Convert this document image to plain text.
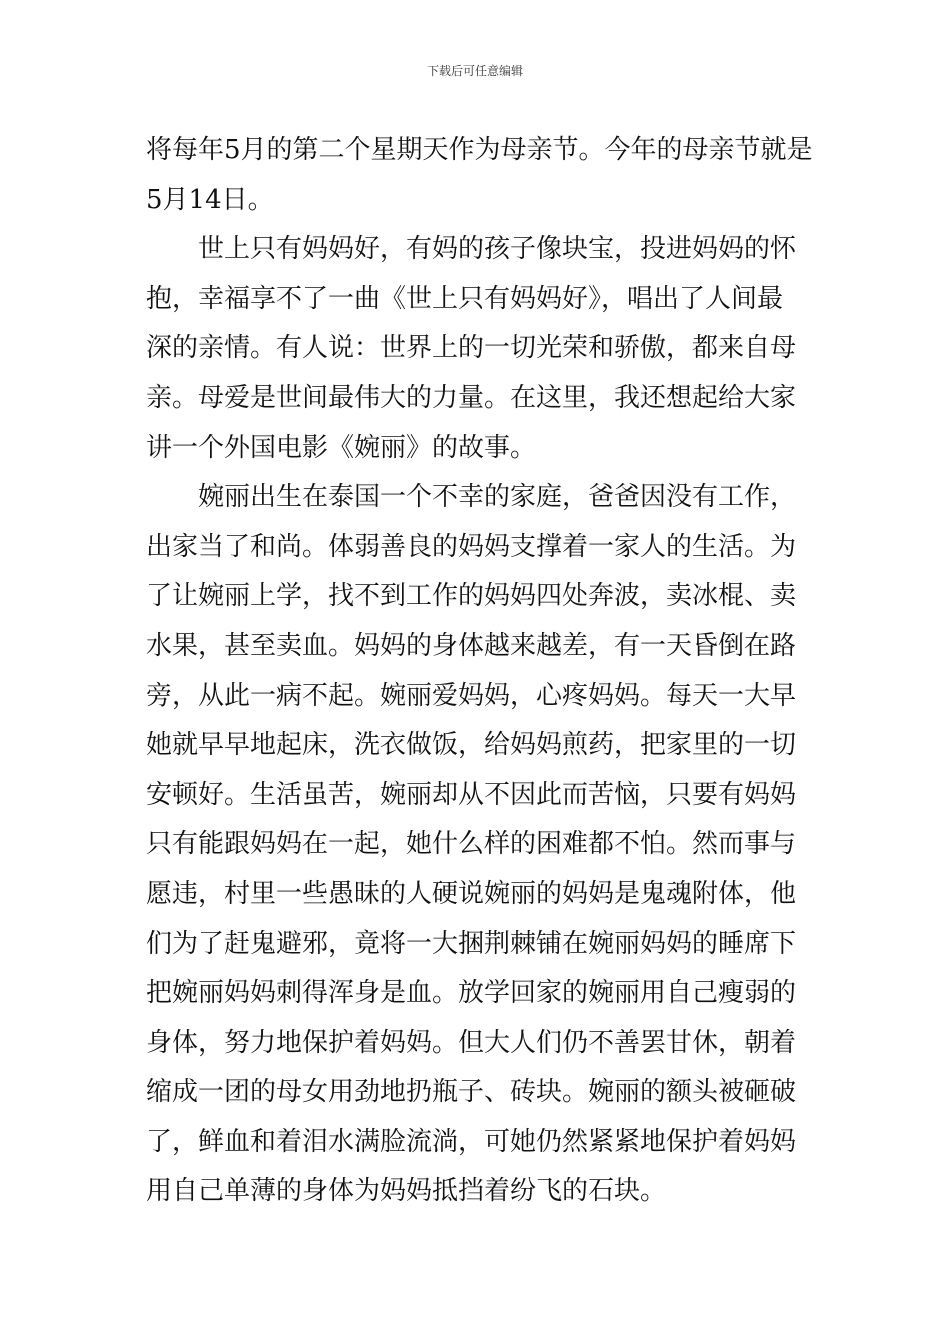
下载后可任意编辑
将每年5月的第二个星期天作为母亲节。今年的母亲节就是
5月14日。
　　世上只有妈妈好，有妈的孩子像块宝，投进妈妈的怀
抱，幸福享不了一曲《世上只有妈妈好》，唱出了人间最
深的亲情。有人说：世界上的一切光荣和骄傲，都来自母
亲。母爱是世间最伟大的力量。在这里，我还想起给大家
讲一个外国电影《婉丽》的故事。
　　婉丽出生在泰国一个不幸的家庭，爸爸因没有工作，
出家当了和尚。体弱善良的妈妈支撑着一家人的生活。为
了让婉丽上学，找不到工作的妈妈四处奔波，卖冰棍、卖
水果，甚至卖血。妈妈的身体越来越差，有一天昏倒在路
旁，从此一病不起。婉丽爱妈妈，心疼妈妈。每天一大早
她就早早地起床，洗衣做饭，给妈妈煎药，把家里的一切
安顿好。生活虽苦，婉丽却从不因此而苦恼，只要有妈妈
只有能跟妈妈在一起，她什么样的困难都不怕。然而事与
愿违，村里一些愚昧的人硬说婉丽的妈妈是鬼魂附体，他
们为了赶鬼避邪，竟将一大捆荆棘铺在婉丽妈妈的睡席下
把婉丽妈妈刺得浑身是血。放学回家的婉丽用自己瘦弱的
身体，努力地保护着妈妈。但大人们仍不善罢甘休，朝着
缩成一团的母女用劲地扔瓶子、砖块。婉丽的额头被砸破
了，鲜血和着泪水满脸流淌，可她仍然紧紧地保护着妈妈
用自己单薄的身体为妈妈抵挡着纷飞的石块。
